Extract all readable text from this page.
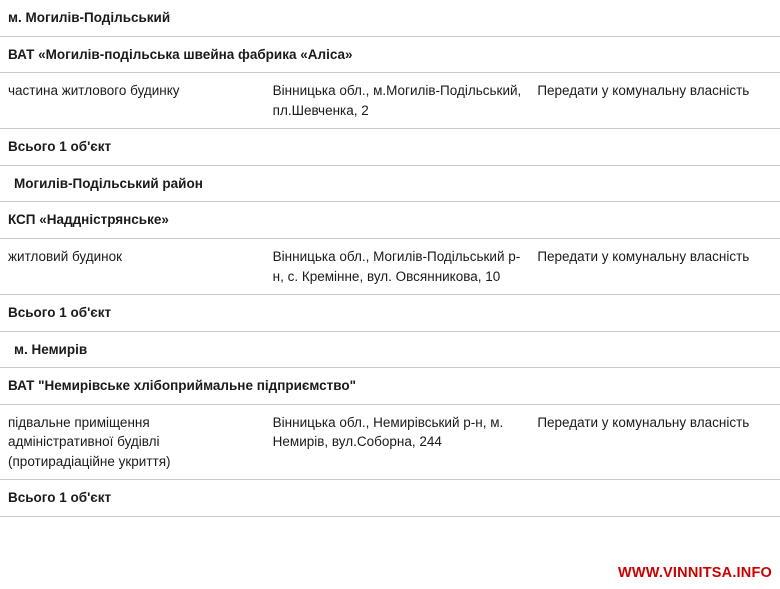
м. Могилів-Подільський		
ВАТ «Могилів-подільська швейна фабрика «Аліса»		
частина житлового будинку	Вінницька обл., м.Могилів-Подільський, пл.Шевченка, 2	Передати у комунальну власність
Всього 1 об'єкт		
Могилів-Подільський район		
КСП «Наддністрянське»		
житловий будинок	Вінницька обл., Могилів-Подільський р-н, с. Кремінне, вул. Овсянникова, 10	Передати у комунальну власність
Всього 1 об'єкт		
м. Немирів		
ВАТ "Немирівське хлібоприймальне підприємство"		
підвальне приміщення адміністративної будівлі (протирадіаційне укриття)	Вінницька обл., Немирівський р-н, м. Немирів, вул.Соборна, 244	Передати у комунальну власність
Всього 1 об'єкт		
WWW.VINNITSA.INFO
